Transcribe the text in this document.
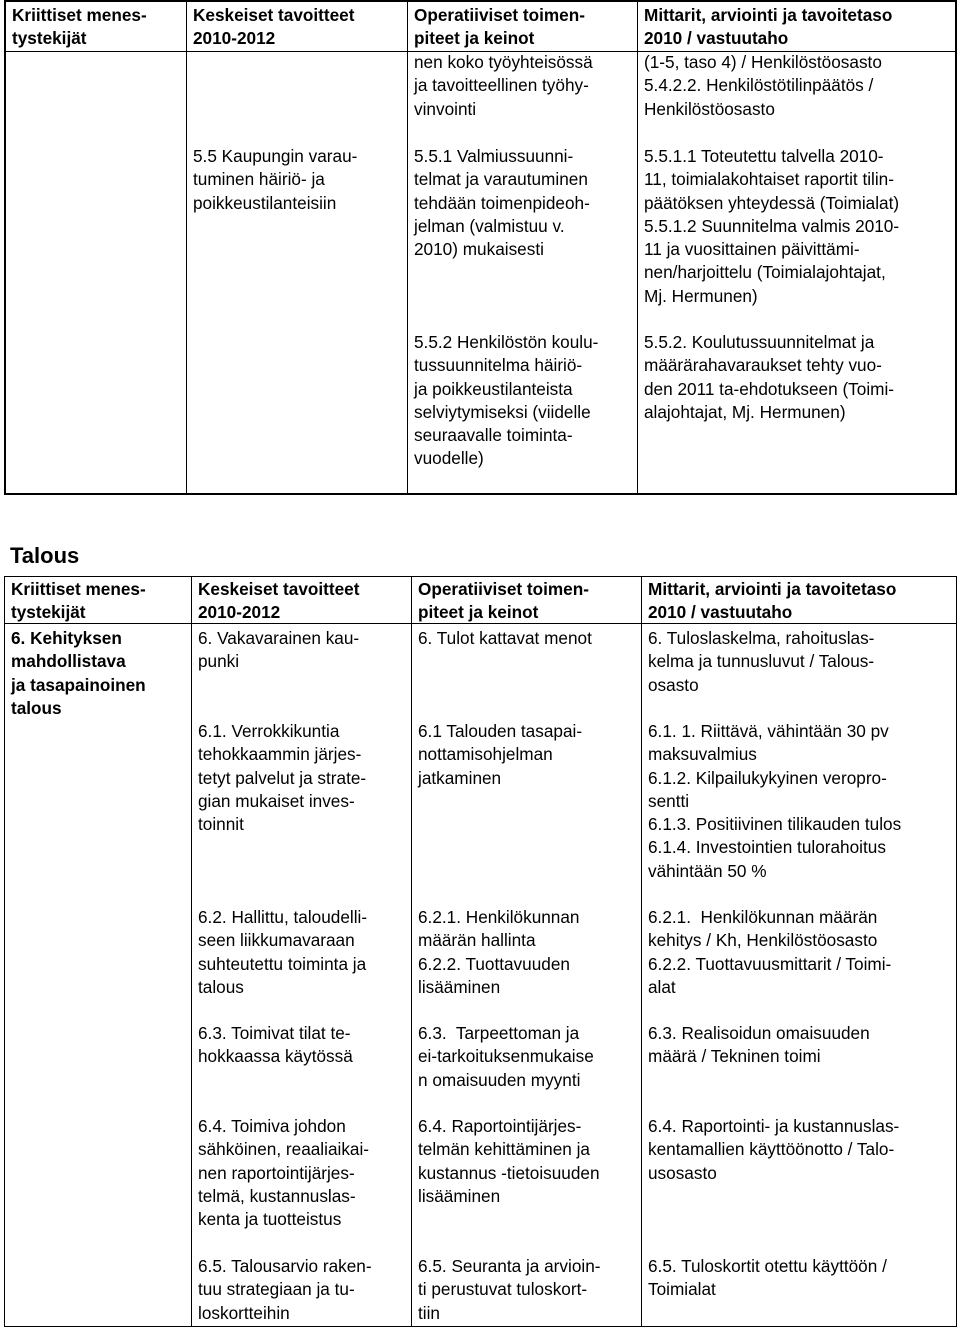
Kriittiset menes-
tystekijät
Keskeiset tavoitteet
2010-2012
Operatiiviset toimen-
piteet ja keinot
Mittarit, arviointi ja tavoitetaso
2010 / vastuutaho
nen koko työyhteisössä
ja tavoitteellinen työhy-
vinvointi
(1-5, taso 4) / Henkilöstöosasto
5.4.2.2. Henkilöstötilinpäätös /
Henkilöstöosasto
5.5 Kaupungin varau-
tuminen häiriö- ja
poikkeustilanteisiin
5.5.1 Valmiussuunni-
telmat ja varautuminen
tehdään toimenpideoh-
jelman (valmistuu v.
2010) mukaisesti
5.5.1.1 Toteutettu talvella 2010-
11, toimialakohtaiset raportit tilin-
päätöksen yhteydessä (Toimialat)
5.5.1.2 Suunnitelma valmis 2010-
11 ja vuosittainen päivittämi-
nen/harjoittelu (Toimialajohtajat,
Mj. Hermunen)
5.5.2 Henkilöstön koulu-
tussuunnitelma häiriö-
ja poikkeustilanteista
selviytymiseksi (viidelle
seuraavalle toiminta-
vuodelle)
5.5.2. Koulutussuunnitelmat ja
määrärahavaraukset tehty vuo-
den 2011 ta-ehdotukseen (Toimi-
alajohtajat, Mj. Hermunen)
Talous
Kriittiset menes-
tystekijät
Keskeiset tavoitteet
2010-2012
Operatiiviset toimen-
piteet ja keinot
Mittarit, arviointi ja tavoitetaso
2010 / vastuutaho
6. Kehityksen
mahdollistava
ja tasapainoinen
talous
6. Vakavarainen kau-
punki
6. Tulot kattavat menot	6. Tuloslaskelma, rahoituslas-
kelma ja tunnusluvut / Talous-
osasto
6.1. Verrokkikuntia
tehokkaammin järjes-
tetyt palvelut ja strate-
gian mukaiset inves-
toinnit
6.1 Talouden tasapai-
nottamisohjelman
jatkaminen
6.1. 1. Riittävä, vähintään 30 pv
maksuvalmius
6.1.2. Kilpailukykyinen veropro-
sentti
6.1.3. Positiivinen tilikauden tulos
6.1.4. Investointien tulorahoitus
vähintään 50 %
6.2. Hallittu, taloudelli-
seen liikkumavaraan
suhteutettu toiminta ja
talous
6.2.1. Henkilökunnan
määrän hallinta
6.2.2. Tuottavuuden
lisääminen
6.2.1.  Henkilökunnan määrän
kehitys / Kh, Henkilöstöosasto
6.2.2. Tuottavuusmittarit / Toimi-
alat
6.3. Toimivat tilat te-
hokkaassa käytössä
6.3.  Tarpeettoman ja
ei-tarkoituksenmukaise
n omaisuuden myynti
6.3. Realisoidun omaisuuden
määrä / Tekninen toimi
6.4. Toimiva johdon
sähköinen, reaaliaikai-
nen raportointijärjes-
telmä, kustannuslas-
kenta ja tuotteistus
6.4. Raportointijärjes-
telmän kehittäminen ja
kustannus -tietoisuuden
lisääminen
6.4. Raportointi- ja kustannuslas-
kentamallien käyttöönotto / Talo-
usosasto
6.5. Talousarvio raken-
tuu strategiaan ja tu-
loskortteihin
6.5. Seuranta ja arvioin-
ti perustuvat tuloskort-
tiin
6.5. Tuloskortit otettu käyttöön /
Toimialat
